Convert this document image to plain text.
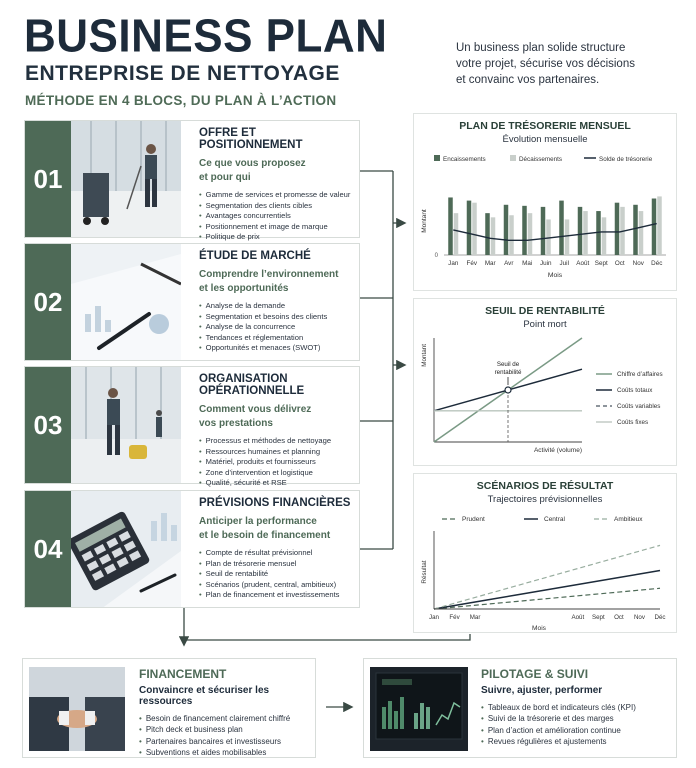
BUSINESS PLAN
ENTREPRISE DE NETTOYAGE
MÉTHODE EN 4 BLOCS, DU PLAN À L’ACTION
Un business plan solide structure
votre projet, sécurise vos décisions
et convainc vos partenaires.
01
OFFRE ET POSITIONNEMENT
Ce que vous proposez
et pour qui
• Gamme de services et promesse de valeur
• Segmentation des clients cibles
• Avantages concurrentiels
• Positionnement et image de marque
• Politique de prix
02
ÉTUDE DE MARCHÉ
Comprendre l’environnement
et les opportunités
• Analyse de la demande
• Segmentation et besoins des clients
• Analyse de la concurrence
• Tendances et réglementation
• Opportunités et menaces (SWOT)
03
ORGANISATION OPÉRATIONNELLE
Comment vous délivrez
vos prestations
• Processus et méthodes de nettoyage
• Ressources humaines et planning
• Matériel, produits et fournisseurs
• Zone d’intervention et logistique
• Qualité, sécurité et RSE
04
PRÉVISIONS FINANCIÈRES
Anticiper la performance
et le besoin de financement
• Compte de résultat prévisionnel
• Plan de trésorerie mensuel
• Seuil de rentabilité
• Scénarios (prudent, central, ambitieux)
• Plan de financement et investissements
PLAN DE TRÉSORERIE MENSUEL
Évolution mensuelle
Encaissements	Décaissements	Solde de trésorerie
Montant
0
Jan Fév Mar Avr Mai Juin Juil Août Sept Oct Nov Déc
Mois
SEUIL DE RENTABILITÉ
Point mort
Montant
Activité (volume)
Chiffre d’affaires
Coûts totaux
Coûts variables
Coûts fixes
Seuil de
rentabilité
SCÉNARIOS DE RÉSULTAT
Trajectoires prévisionnelles
Prudent	Central	Ambitieux
Résultat
Jan Fév Mar	Août Sept Oct Nov Déc
Mois
FINANCEMENT
Convaincre et sécuriser les ressources
• Besoin de financement clairement chiffré
• Pitch deck et business plan
• Partenaires bancaires et investisseurs
• Subventions et aides mobilisables
PILOTAGE & SUIVI
Suivre, ajuster, performer
• Tableaux de bord et indicateurs clés (KPI)
• Suivi de la trésorerie et des marges
• Plan d’action et amélioration continue
• Revues régulières et ajustements
